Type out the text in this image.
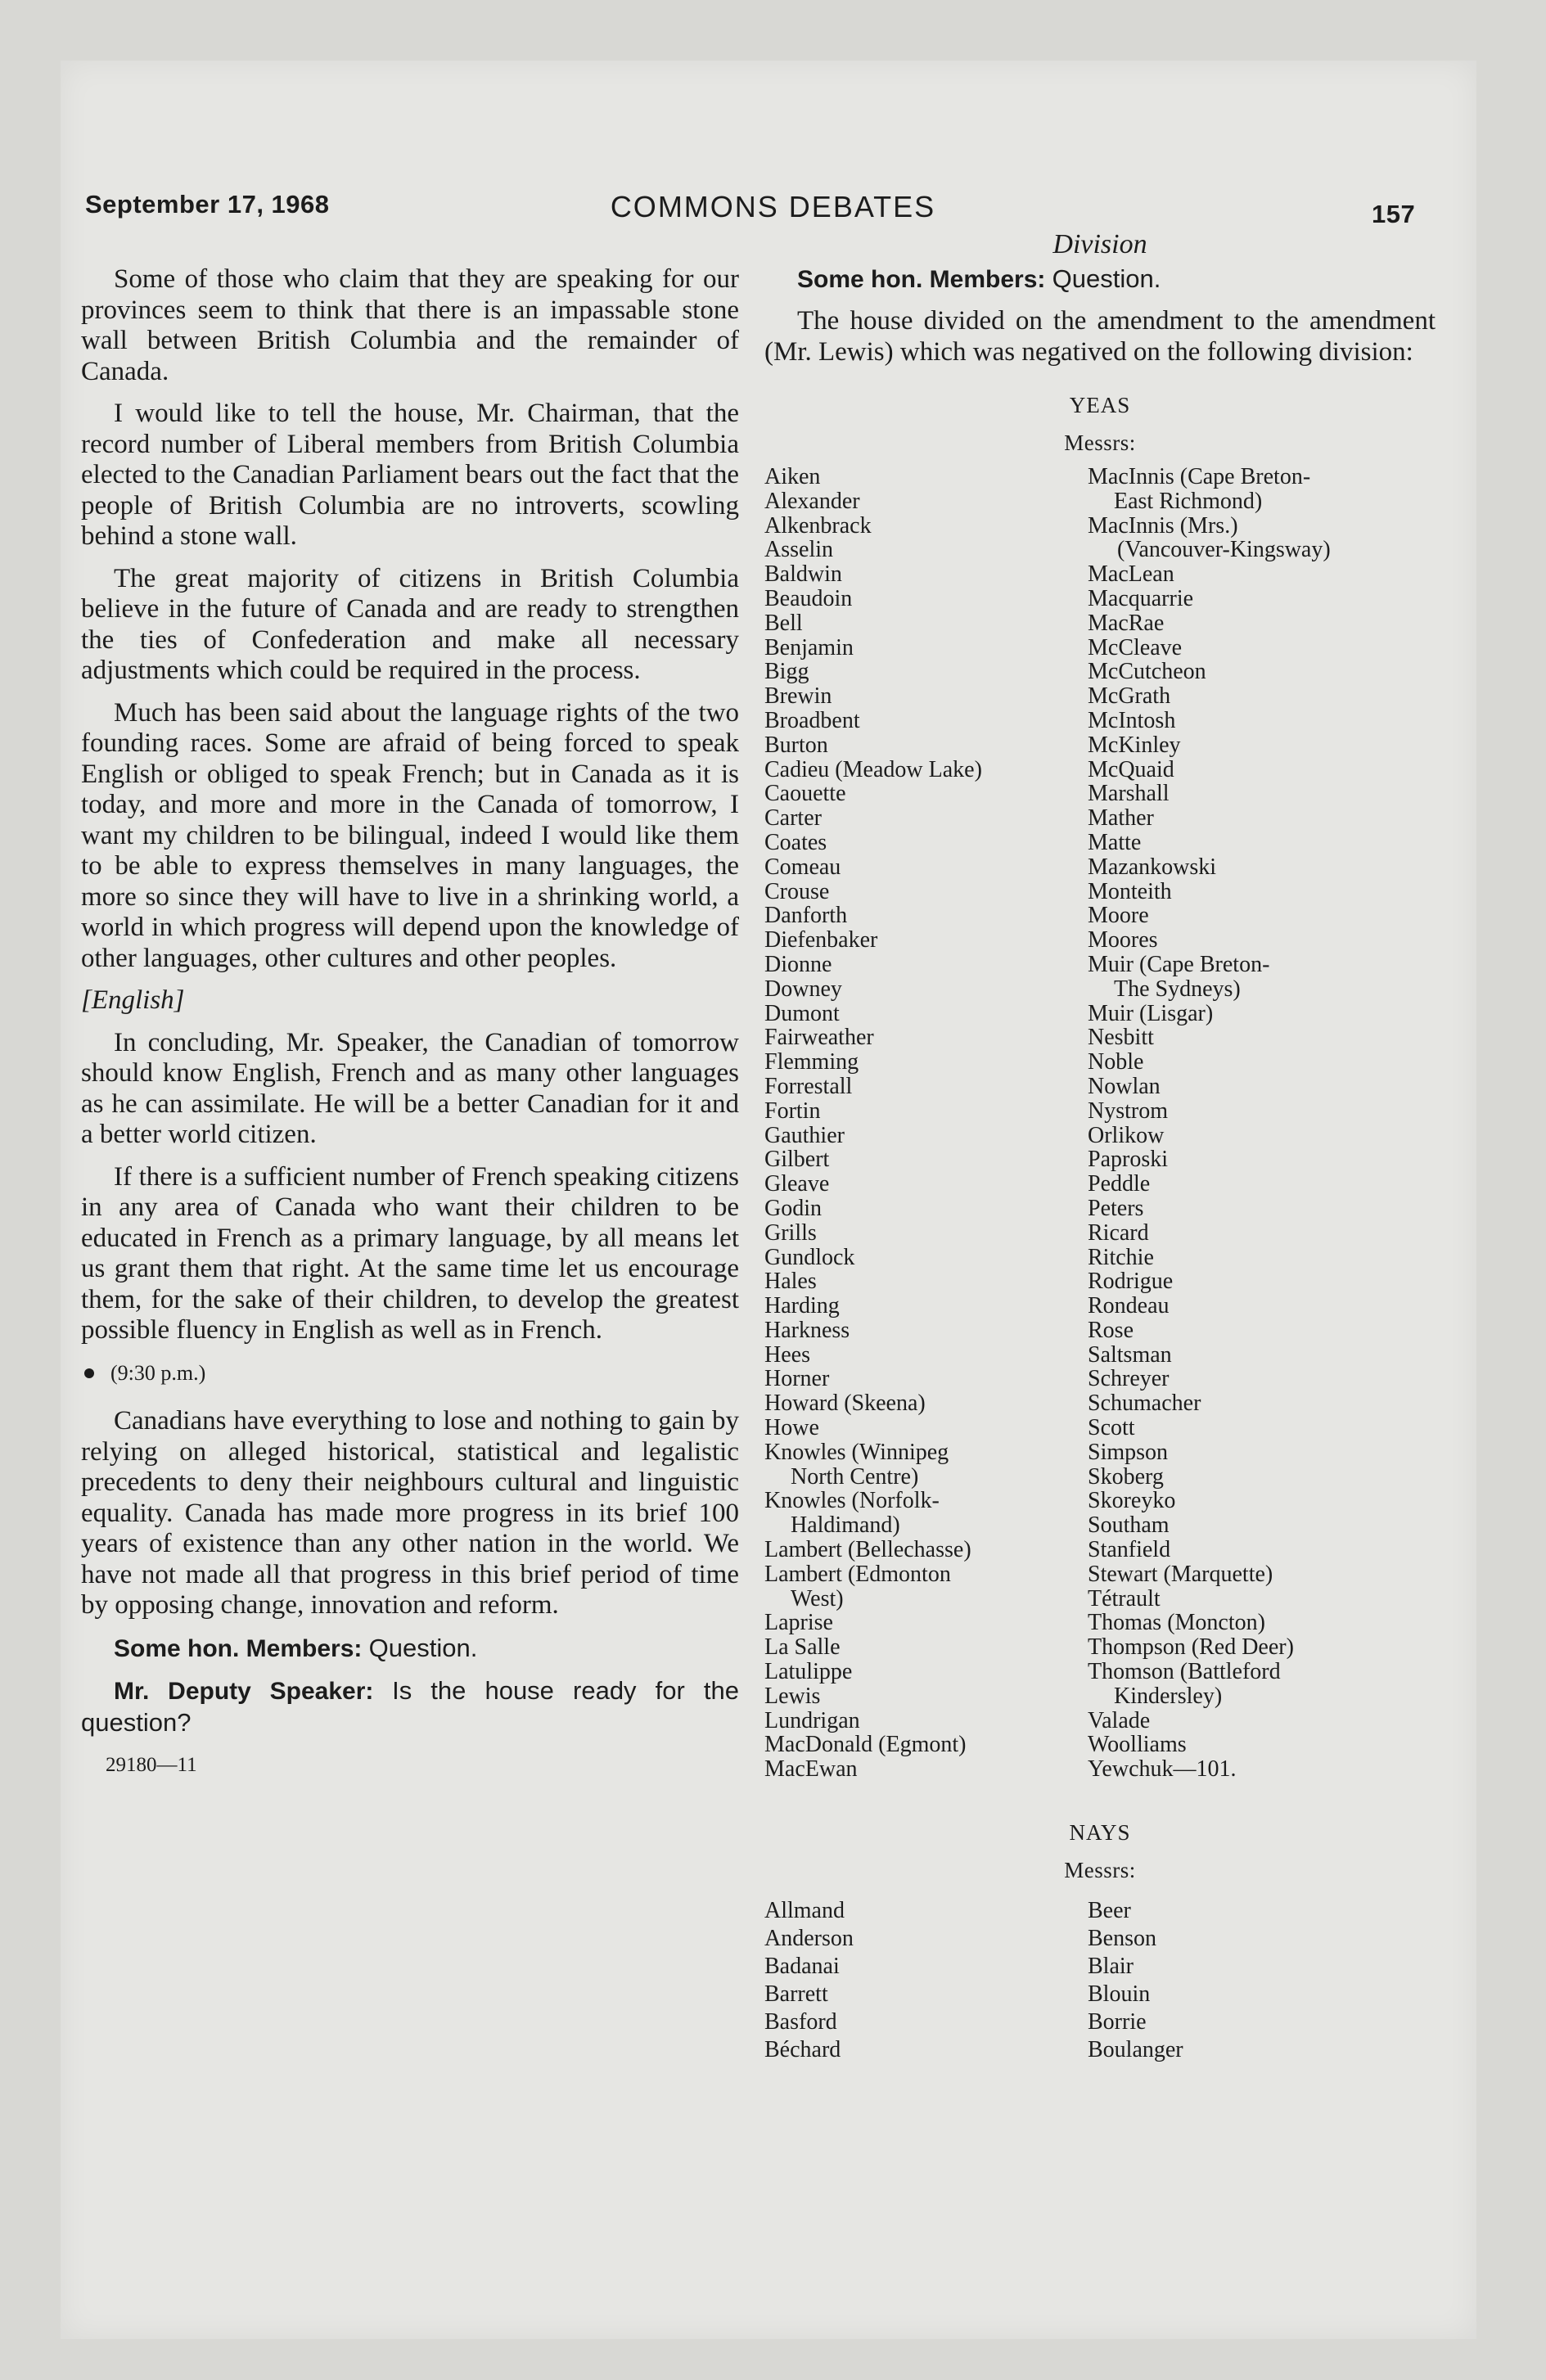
September 17, 1968	COMMONS DEBATES	157

Some of those who claim that they are speaking for our provinces seem to think that there is an impassable stone wall between British Columbia and the remainder of Canada.

I would like to tell the house, Mr. Chairman, that the record number of Liberal members from British Columbia elected to the Canadian Parliament bears out the fact that the people of British Columbia are no introverts, scowling behind a stone wall.

The great majority of citizens in British Columbia believe in the future of Canada and are ready to strengthen the ties of Confederation and make all necessary adjustments which could be required in the process.

Much has been said about the language rights of the two founding races. Some are afraid of being forced to speak English or obliged to speak French; but in Canada as it is today, and more and more in the Canada of tomorrow, I want my children to be bilingual, indeed I would like them to be able to express themselves in many languages, the more so since they will have to live in a shrinking world, a world in which progress will depend upon the knowledge of other languages, other cultures and other peoples.

[English]

In concluding, Mr. Speaker, the Canadian of tomorrow should know English, French and as many other languages as he can assimilate. He will be a better Canadian for it and a better world citizen.

If there is a sufficient number of French speaking citizens in any area of Canada who want their children to be educated in French as a primary language, by all means let us grant them that right. At the same time let us encourage them, for the sake of their children, to develop the greatest possible fluency in English as well as in French.

(9:30 p.m.)

Canadians have everything to lose and nothing to gain by relying on alleged historical, statistical and legalistic precedents to deny their neighbours cultural and linguistic equality. Canada has made more progress in its brief 100 years of existence than any other nation in the world. We have not made all that progress in this brief period of time by opposing change, innovation and reform.

Some hon. Members: Question.

Mr. Deputy Speaker: Is the house ready for the question?

29180—11
Division

Some hon. Members: Question.

The house divided on the amendment to the amendment (Mr. Lewis) which was negatived on the following division:

YEAS
Messrs:
Aiken
Alexander
Alkenbrack
Asselin
Baldwin
Beaudoin
Bell
Benjamin
Bigg
Brewin
Broadbent
Burton
Cadieu (Meadow Lake)
Caouette
Carter
Coates
Comeau
Crouse
Danforth
Diefenbaker
Dionne
Downey
Dumont
Fairweather
Flemming
Forrestall
Fortin
Gauthier
Gilbert
Gleave
Godin
Grills
Gundlock
Hales
Harding
Harkness
Hees
Horner
Howard (Skeena)
Howe
Knowles (Winnipeg
North Centre)
Knowles (Norfolk-
Haldimand)
Lambert (Bellechasse)
Lambert (Edmonton
West)
Laprise
La Salle
Latulippe
Lewis
Lundrigan
MacDonald (Egmont)
MacEwan
MacInnis (Cape Breton-
East Richmond)
MacInnis (Mrs.)
(Vancouver-Kingsway)
MacLean
Macquarrie
MacRae
McCleave
McCutcheon
McGrath
McIntosh
McKinley
McQuaid
Marshall
Mather
Matte
Mazankowski
Monteith
Moore
Moores
Muir (Cape Breton-
The Sydneys)
Muir (Lisgar)
Nesbitt
Noble
Nowlan
Nystrom
Orlikow
Paproski
Peddle
Peters
Ricard
Ritchie
Rodrigue
Rondeau
Rose
Saltsman
Schreyer
Schumacher
Scott
Simpson
Skoberg
Skoreyko
Southam
Stanfield
Stewart (Marquette)
Tétrault
Thomas (Moncton)
Thompson (Red Deer)
Thomson (Battleford
Kindersley)
Valade
Woolliams
Yewchuk—101.
NAYS
Messrs:
Allmand
Anderson
Badanai
Barrett
Basford
Béchard
Beer
Benson
Blair
Blouin
Borrie
Boulanger
